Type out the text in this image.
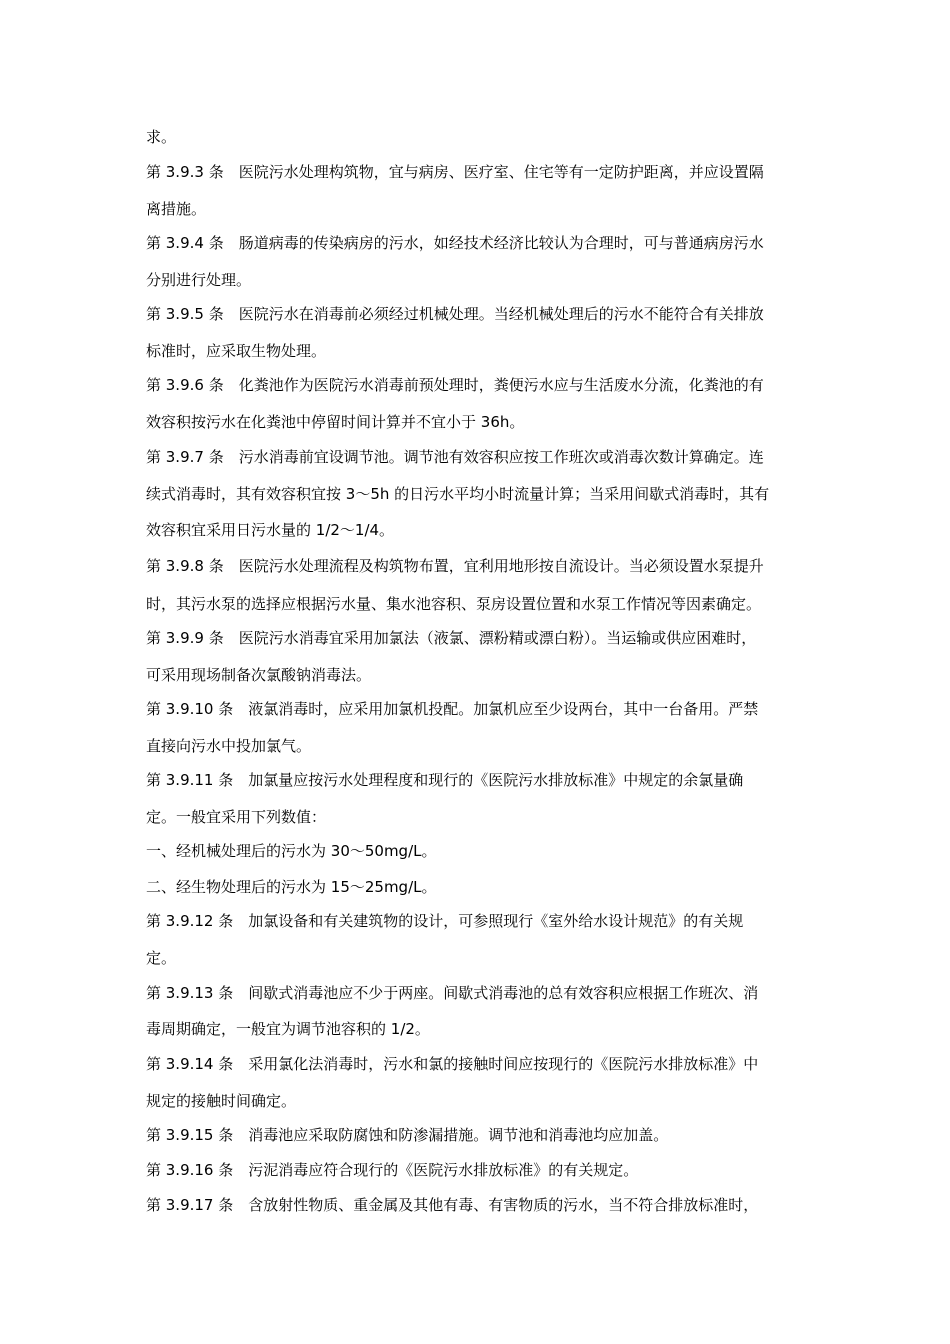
求。
第 3.9.3 条　医院污水处理构筑物，宜与病房、医疗室、住宅等有一定防护距离，并应设置隔
离措施。
第 3.9.4 条　肠道病毒的传染病房的污水，如经技术经济比较认为合理时，可与普通病房污水
分别进行处理。
第 3.9.5 条　医院污水在消毒前必须经过机械处理。当经机械处理后的污水不能符合有关排放
标准时，应采取生物处理。
第 3.9.6 条　化粪池作为医院污水消毒前预处理时，粪便污水应与生活废水分流，化粪池的有
效容积按污水在化粪池中停留时间计算并不宜小于 36h。
第 3.9.7 条　污水消毒前宜设调节池。调节池有效容积应按工作班次或消毒次数计算确定。连
续式消毒时，其有效容积宜按 3～5h 的日污水平均小时流量计算；当采用间歇式消毒时，其有
效容积宜采用日污水量的 1/2～1/4。
第 3.9.8 条　医院污水处理流程及构筑物布置，宜利用地形按自流设计。当必须设置水泵提升
时，其污水泵的选择应根据污水量、集水池容积、泵房设置位置和水泵工作情况等因素确定。
第 3.9.9 条　医院污水消毒宜采用加氯法（液氯、漂粉精或漂白粉）。当运输或供应困难时，
可采用现场制备次氯酸钠消毒法。
第 3.9.10 条　液氯消毒时，应采用加氯机投配。加氯机应至少设两台，其中一台备用。严禁
直接向污水中投加氯气。
第 3.9.11 条　加氯量应按污水处理程度和现行的《医院污水排放标准》中规定的余氯量确
定。一般宜采用下列数值：
一、经机械处理后的污水为 30～50mg/L。
二、经生物处理后的污水为 15～25mg/L。
第 3.9.12 条　加氯设备和有关建筑物的设计，可参照现行《室外给水设计规范》的有关规
定。
第 3.9.13 条　间歇式消毒池应不少于两座。间歇式消毒池的总有效容积应根据工作班次、消
毒周期确定，一般宜为调节池容积的 1/2。
第 3.9.14 条　采用氯化法消毒时，污水和氯的接触时间应按现行的《医院污水排放标准》中
规定的接触时间确定。
第 3.9.15 条　消毒池应采取防腐蚀和防渗漏措施。调节池和消毒池均应加盖。
第 3.9.16 条　污泥消毒应符合现行的《医院污水排放标准》的有关规定。
第 3.9.17 条　含放射性物质、重金属及其他有毒、有害物质的污水，当不符合排放标准时，
